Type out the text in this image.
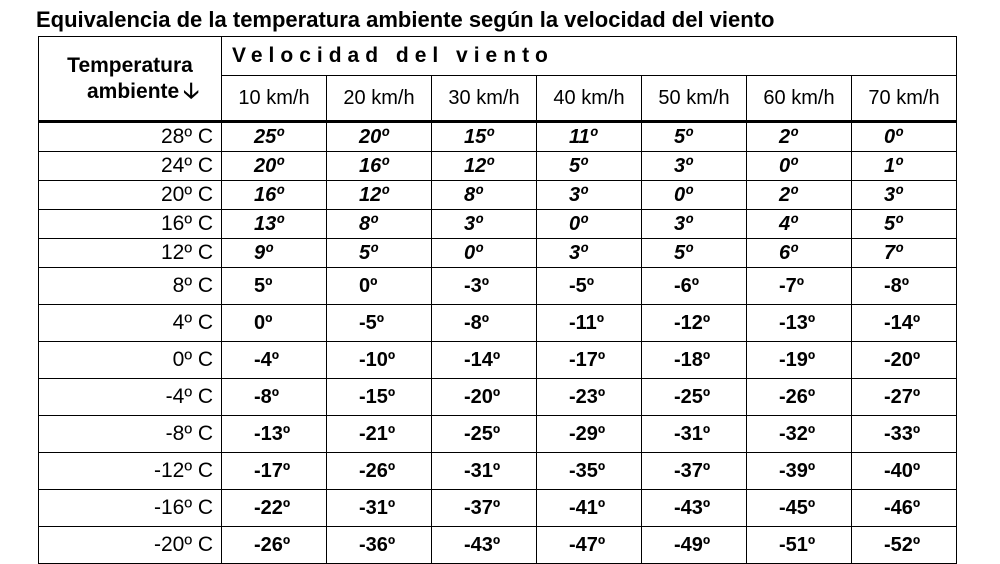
Equivalencia de la temperatura ambiente según la velocidad del viento
Temperatura
ambiente 🡣	Velocidad del viento						
	10 km/h	20 km/h	30 km/h	40 km/h	50 km/h	60 km/h	70 km/h
28º C	25º	20º	15º	11º	5º	2º	0º
24º C	20º	16º	12º	5º	3º	0º	1º
20º C	16º	12º	8º	3º	0º	2º	3º
16º C	13º	8º	3º	0º	3º	4º	5º
12º C	9º	5º	0º	3º	5º	6º	7º
8º C	5º	0º	-3º	-5º	-6º	-7º	-8º
4º C	0º	-5º	-8º	-11º	-12º	-13º	-14º
0º C	-4º	-10º	-14º	-17º	-18º	-19º	-20º
-4º C	-8º	-15º	-20º	-23º	-25º	-26º	-27º
-8º C	-13º	-21º	-25º	-29º	-31º	-32º	-33º
-12º C	-17º	-26º	-31º	-35º	-37º	-39º	-40º
-16º C	-22º	-31º	-37º	-41º	-43º	-45º	-46º
-20º C	-26º	-36º	-43º	-47º	-49º	-51º	-52º
